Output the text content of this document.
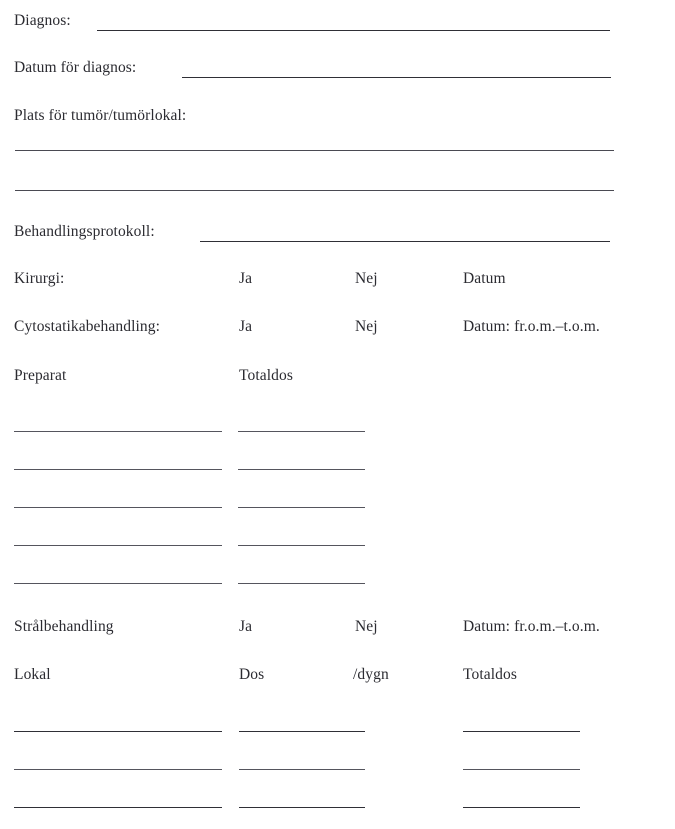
Diagnos:
Datum för diagnos:
Plats för tumör/tumörlokal:
Behandlingsprotokoll:
Kirurgi:	Ja	Nej	Datum
Cytostatikabehandling:	Ja	Nej	Datum: fr.o.m.–t.o.m.
Preparat	Totaldos
Strålbehandling	Ja	Nej	Datum: fr.o.m.–t.o.m.
Lokal	Dos	/dygn	Totaldos
